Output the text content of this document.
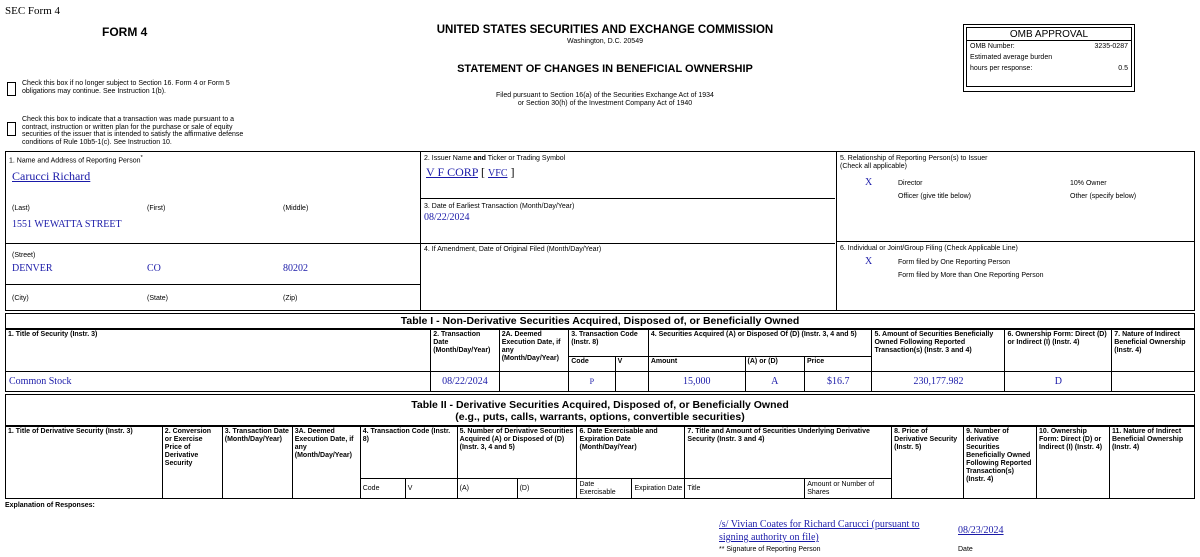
SEC Form 4
FORM 4	UNITED STATES SECURITIES AND EXCHANGE COMMISSION
Washington, D.C. 20549
STATEMENT OF CHANGES IN BENEFICIAL OWNERSHIP
Filed pursuant to Section 16(a) of the Securities Exchange Act of 1934
or Section 30(h) of the Investment Company Act of 1940
OMB APPROVAL
OMB Number:	3235-0287
Estimated average burden
hours per response:	0.5
Check this box if no longer subject to Section 16. Form 4 or Form 5 obligations may continue. See Instruction 1(b).
Check this box to indicate that a transaction was made pursuant to a contract, instruction or written plan for the purchase or sale of equity securities of the issuer that is intended to satisfy the affirmative defense conditions of Rule 10b5-1(c). See Instruction 10.
1. Name and Address of Reporting Person*
Carucci Richard
(Last)	(First)	(Middle)
1551 WEWATTA STREET
(Street)
DENVER	CO	80202
(City)	(State)	(Zip)
2. Issuer Name and Ticker or Trading Symbol
V F CORP [ VFC ]
3. Date of Earliest Transaction (Month/Day/Year)
08/22/2024
4. If Amendment, Date of Original Filed (Month/Day/Year)
5. Relationship of Reporting Person(s) to Issuer
(Check all applicable)
X	Director	10% Owner
Officer (give title below)	Other (specify below)
6. Individual or Joint/Group Filing (Check Applicable Line)
X	Form filed by One Reporting Person
Form filed by More than One Reporting Person
Table I - Non-Derivative Securities Acquired, Disposed of, or Beneficially Owned
1. Title of Security (Instr. 3)	2. Transaction Date (Month/Day/Year)	2A. Deemed Execution Date, if any (Month/Day/Year)	3. Transaction Code (Instr. 8)		4. Securities Acquired (A) or Disposed Of (D) (Instr. 3, 4 and 5)			5. Amount of Securities Beneficially Owned Following Reported Transaction(s) (Instr. 3 and 4)	6. Ownership Form: Direct (D) or Indirect (I) (Instr. 4)	7. Nature of Indirect Beneficial Ownership (Instr. 4)
			Code	V	Amount	(A) or (D)	Price			
Common Stock	08/22/2024		P		15,000	A	$16.7	230,177.982	D	
Table II - Derivative Securities Acquired, Disposed of, or Beneficially Owned
(e.g., puts, calls, warrants, options, convertible securities)
1. Title of Derivative Security (Instr. 3)	2. Conversion or Exercise Price of Derivative Security	3. Transaction Date (Month/Day/Year)	3A. Deemed Execution Date, if any (Month/Day/Year)	4. Transaction Code (Instr. 8)		5. Number of Derivative Securities Acquired (A) or Disposed of (D) (Instr. 3, 4 and 5)		6. Date Exercisable and Expiration Date (Month/Day/Year)		7. Title and Amount of Securities Underlying Derivative Security (Instr. 3 and 4)		8. Price of Derivative Security (Instr. 5)	9. Number of derivative Securities Beneficially Owned Following Reported Transaction(s) (Instr. 4)	10. Ownership Form: Direct (D) or Indirect (I) (Instr. 4)	11. Nature of Indirect Beneficial Ownership (Instr. 4)
				Code	V	(A)	(D)	Date Exercisable	Expiration Date	Title	Amount or Number of Shares				
Explanation of Responses:
/s/ Vivian Coates for Richard Carucci (pursuant to
signing authority on file)
08/23/2024
** Signature of Reporting Person	Date
